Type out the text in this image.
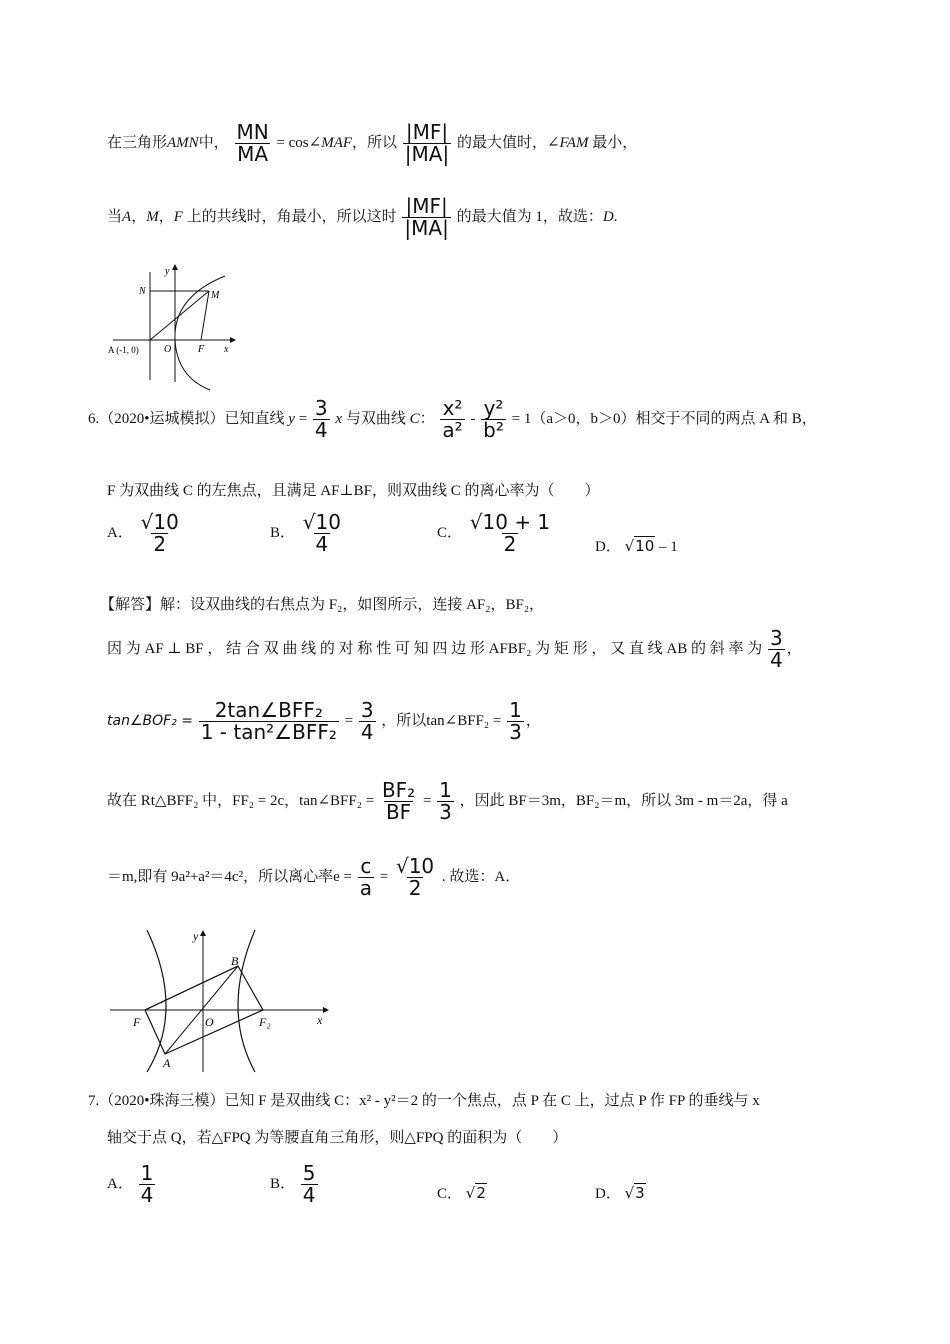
在三角形AMN中， $\frac{MN}{MA}$ = cos∠MAF，所以 $\frac{|MF|}{|MA|}$ 的最大值时，∠FAM 最小，
当A，M，F 上的共线时，角最小，所以这时 $\frac{|MF|}{|MA|}$ 的最大值为 1，故选：D.
y
N	M
A (-1, 0)	O	F x
6.（2020•运城模拟）已知直线 $y = \frac{3}{4}$ x 与双曲线 C： $\frac{\text{x²}}{\text{a²}} - \frac{\text{y²}}{\text{b²}} = 1(a>0$，b＞0）相交于不同的两点 A 和 B，
F 为双曲线 C 的左焦点，且满足 AF⊥BF，则双曲线 C 的离心率为（　　）
A． $\frac{√10}{2}$	B． $\frac{√10}{4}$	C． $\frac{√10 + 1}{2}$	D． √10 – 1
【解答】解：设双曲线的右焦点为 F₂，如图所示，连接 AF₂，BF₂，
因 为 AF ⊥ BF ， 结 合 双 曲 线 的 对 称 性 可 知 四 边 形 AFBF₂ 为 矩 形 ， 又 直 线 AB 的 斜 率 为 $\frac{3}{4}$ ，
tan∠BOF₂ = $\frac{\text{2tan∠BFF₂}}{\text{1 - tan²∠BFF₂}} = \frac{3}{4}$ ，所以tan∠BFF₂ = $\frac{1}{3}$ ，
故在 Rt△BFF₂ 中，FF₂ = 2c，tan∠BFF₂ = $\frac{\text{BF₂}}{BF} = \frac{1}{3}$ ，因此 BF＝3m，BF₂＝m，所以 3m - m＝2a，得 a
＝m,即有 9a²+a²＝4c²，所以离心率$e = \frac{c}{a} = \frac{√10}{2}$ . 故选：A．
y
B
F	O	F₂	x
A
7.（2020•珠海三模）已知 F 是双曲线 C：x² - y²＝2 的一个焦点，点 P 在 C 上，过点 P 作 FP 的垂线与 x
轴交于点 Q，若△FPQ 为等腰直角三角形，则△FPQ 的面积为（　　）
A． $\frac{1}{4}$	B． $\frac{5}{4}$	C． √2	D． √3
